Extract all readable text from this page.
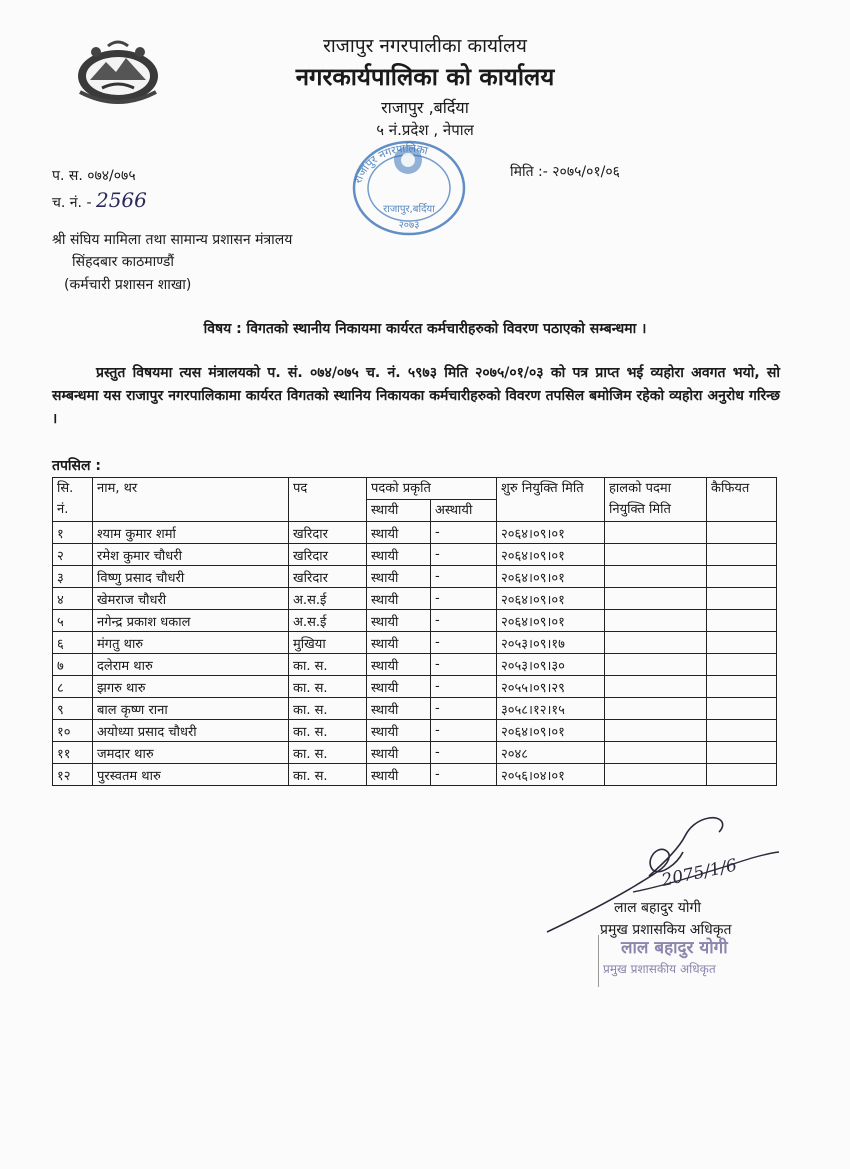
राजापुर नगरपालीका कार्यालय
नगरकार्यपालिका को कार्यालय
राजापुर ,बर्दिया
५ नं.प्रदेश , नेपाल
राजापुर नगरपालिका
राजापुर,बर्दिया
२०७३
प. स. ०७४/०७५
च. नं. - 2566
मिति :- २०७५/०१/०६
श्री संघिय मामिला तथा सामान्य प्रशासन मंत्रालय
सिंहदबार काठमाण्डौं
(कर्मचारी प्रशासन शाखा)
विषय : विगतको स्थानीय निकायमा कार्यरत कर्मचारीहरुको विवरण पठाएको सम्बन्धमा ।
प्रस्तुत विषयमा त्यस मंत्रालयको प. सं. ०७४/०७५ च. नं. ५९७३ मिति २०७५/०१/०३ को पत्र प्राप्त भई व्यहोरा अवगत भयो, सो सम्बन्धमा यस राजापुर नगरपालिकामा कार्यरत विगतको स्थानिय निकायका कर्मचारीहरुको विवरण तपसिल बमोजिम रहेको व्यहोरा अनुरोध गरिन्छ ।
तपसिल :
सि. नं.	नाम, थर	पद	पदको प्रकृति		शुरु नियुक्ति मिति	हालको पदमा नियुक्ति मिति	कैफियत
			स्थायी	अस्थायी			
१	श्याम कुमार शर्मा	खरिदार	स्थायी	-	२०६४।०९।०१		
२	रमेश कुमार चौधरी	खरिदार	स्थायी	-	२०६४।०९।०१		
३	विष्णु प्रसाद चौधरी	खरिदार	स्थायी	-	२०६४।०९।०१		
४	खेमराज चौधरी	अ.स.ई	स्थायी	-	२०६४।०९।०१		
५	नगेन्द्र प्रकाश धकाल	अ.स.ई	स्थायी	-	२०६४।०९।०१		
६	मंगतु थारु	मुखिया	स्थायी	-	२०५३।०९।१७		
७	दलेराम थारु	का. स.	स्थायी	-	२०५३।०९।३०		
८	झगरु थारु	का. स.	स्थायी	-	२०५५।०९।२९		
९	बाल कृष्ण राना	का. स.	स्थायी	-	३०५८।१२।१५		
१०	अयोध्या प्रसाद चौधरी	का. स.	स्थायी	-	२०६४।०९।०१		
११	जमदार थारु	का. स.	स्थायी	-	२०४८		
१२	पुरस्वतम थारु	का. स.	स्थायी	-	२०५६।०४।०१		
2075/1/6
लाल बहादुर योगी
प्रमुख प्रशासकिय अधिकृत
लाल बहादुर योगी
प्रमुख प्रशासकीय अधिकृत
